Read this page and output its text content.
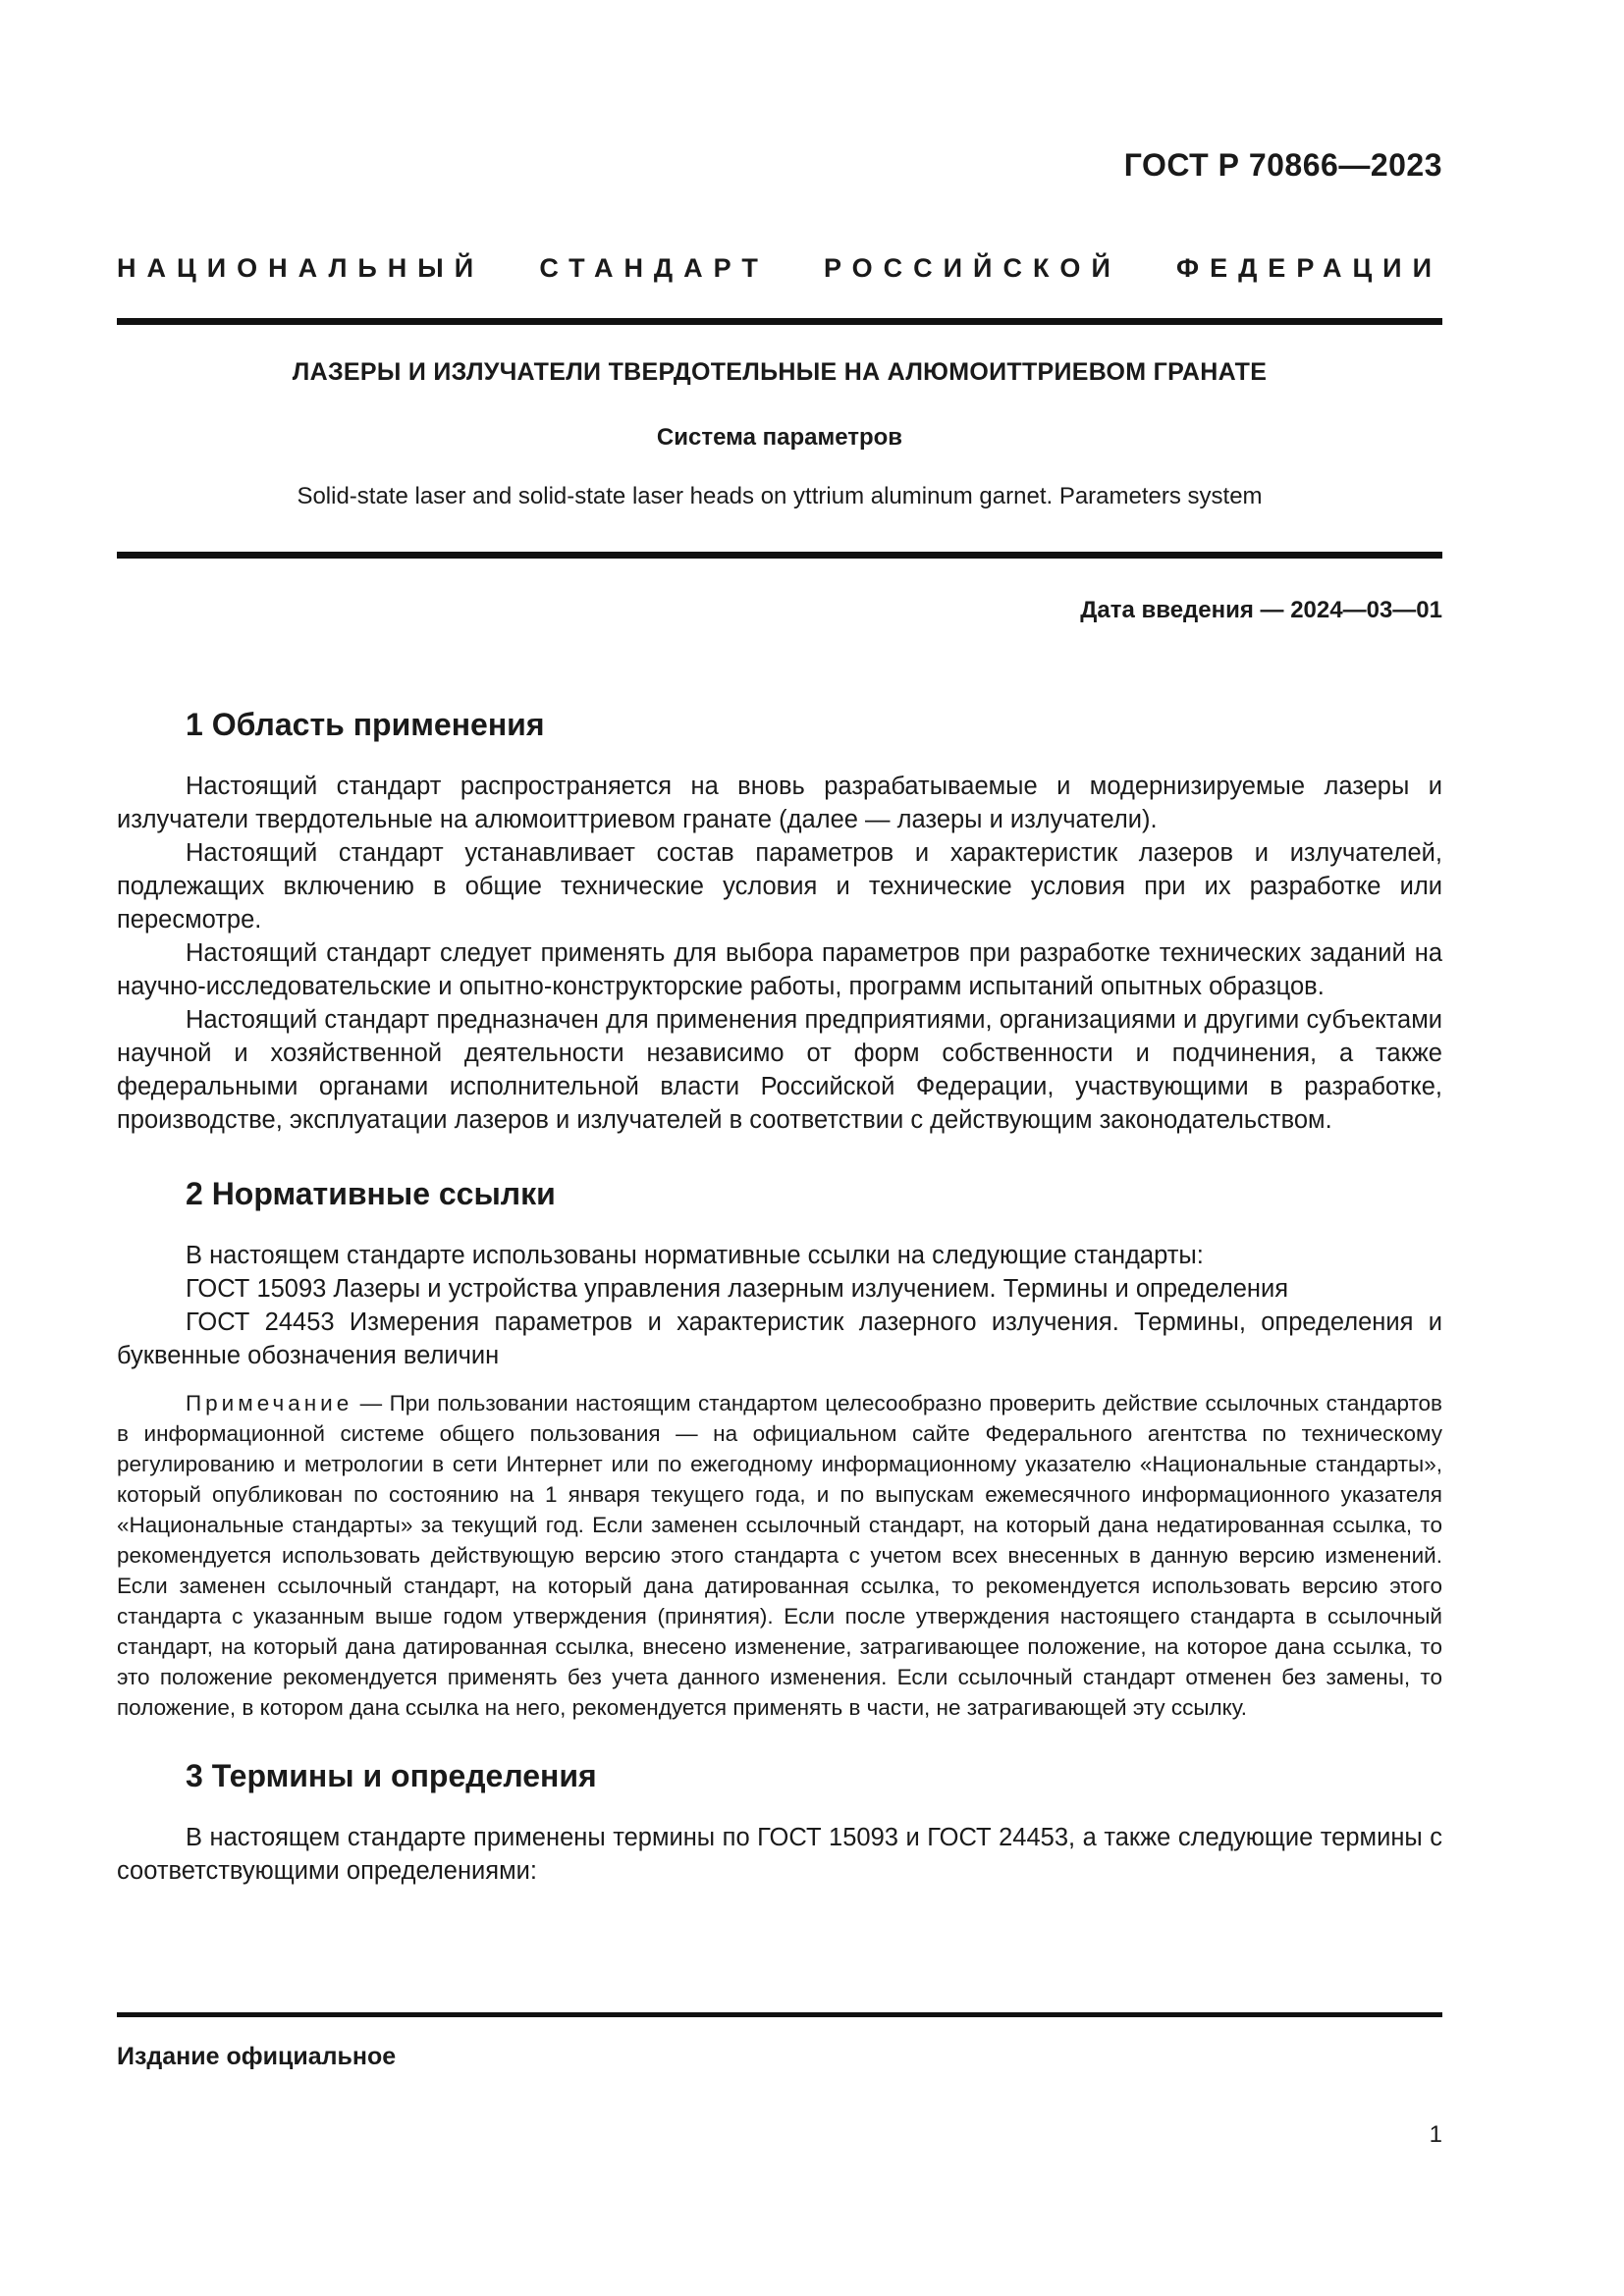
ГОСТ Р 70866—2023
НАЦИОНАЛЬНЫЙ СТАНДАРТ РОССИЙСКОЙ ФЕДЕРАЦИИ
ЛАЗЕРЫ И ИЗЛУЧАТЕЛИ ТВЕРДОТЕЛЬНЫЕ НА АЛЮМОИТТРИЕВОМ ГРАНАТЕ
Система параметров
Solid-state laser and solid-state laser heads on yttrium aluminum garnet. Parameters system
Дата введения — 2024—03—01
1 Область применения

Настоящий стандарт распространяется на вновь разрабатываемые и модернизируемые лазеры и излучатели твердотельные на алюмоиттриевом гранате (далее — лазеры и излучатели).

Настоящий стандарт устанавливает состав параметров и характеристик лазеров и излучателей, подлежащих включению в общие технические условия и технические условия при их разработке или пересмотре.

Настоящий стандарт следует применять для выбора параметров при разработке технических заданий на научно-исследовательские и опытно-конструкторские работы, программ испытаний опытных образцов.

Настоящий стандарт предназначен для применения предприятиями, организациями и другими субъектами научной и хозяйственной деятельности независимо от форм собственности и подчинения, а также федеральными органами исполнительной власти Российской Федерации, участвующими в разработке, производстве, эксплуатации лазеров и излучателей в соответствии с действующим законодательством.

2 Нормативные ссылки

В настоящем стандарте использованы нормативные ссылки на следующие стандарты:

ГОСТ 15093 Лазеры и устройства управления лазерным излучением. Термины и определения

ГОСТ 24453 Измерения параметров и характеристик лазерного излучения. Термины, определения и буквенные обозначения величин

Примечание — При пользовании настоящим стандартом целесообразно проверить действие ссылочных стандартов в информационной системе общего пользования — на официальном сайте Федерального агентства по техническому регулированию и метрологии в сети Интернет или по ежегодному информационному указателю «Национальные стандарты», который опубликован по состоянию на 1 января текущего года, и по выпускам ежемесячного информационного указателя «Национальные стандарты» за текущий год. Если заменен ссылочный стандарт, на который дана недатированная ссылка, то рекомендуется использовать действующую версию этого стандарта с учетом всех внесенных в данную версию изменений. Если заменен ссылочный стандарт, на который дана датированная ссылка, то рекомендуется использовать версию этого стандарта с указанным выше годом утверждения (принятия). Если после утверждения настоящего стандарта в ссылочный стандарт, на который дана датированная ссылка, внесено изменение, затрагивающее положение, на которое дана ссылка, то это положение рекомендуется применять без учета данного изменения. Если ссылочный стандарт отменен без замены, то положение, в котором дана ссылка на него, рекомендуется применять в части, не затрагивающей эту ссылку.

3 Термины и определения

В настоящем стандарте применены термины по ГОСТ 15093 и ГОСТ 24453, а также следующие термины с соответствующими определениями:

Издание официальное
1
